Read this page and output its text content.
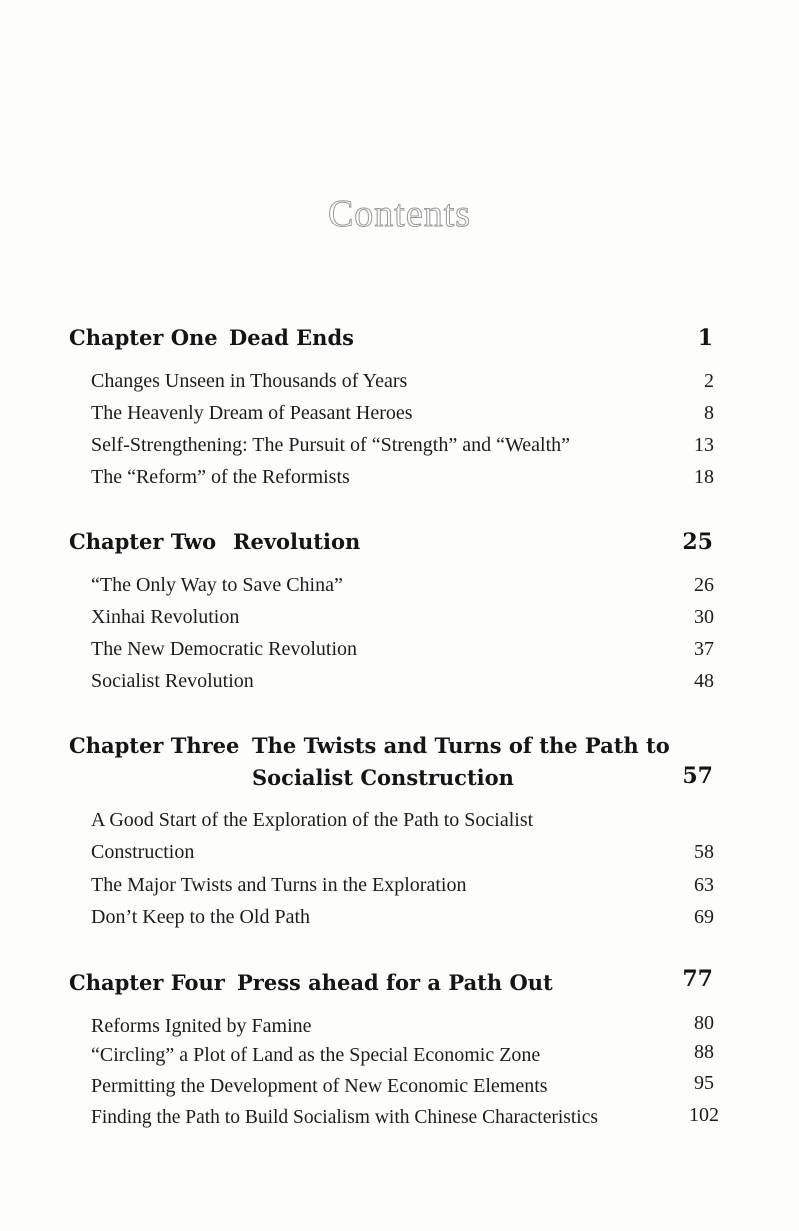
Contents
Chapter One Dead Ends	1
Changes Unseen in Thousands of Years	2
The Heavenly Dream of Peasant Heroes	8
Self-Strengthening: The Pursuit of “Strength” and “Wealth”	13
The “Reform” of the Reformists	18
Chapter Two Revolution	25
“The Only Way to Save China”	26
Xinhai Revolution	30
The New Democratic Revolution	37
Socialist Revolution	48
Chapter Three The Twists and Turns of the Path to
Socialist Construction	57
A Good Start of the Exploration of the Path to Socialist
Construction	58
The Major Twists and Turns in the Exploration	63
Don’t Keep to the Old Path	69
Chapter Four Press ahead for a Path Out	77
Reforms Ignited by Famine	80
“Circling” a Plot of Land as the Special Economic Zone	88
Permitting the Development of New Economic Elements	95
Finding the Path to Build Socialism with Chinese Characteristics	102
